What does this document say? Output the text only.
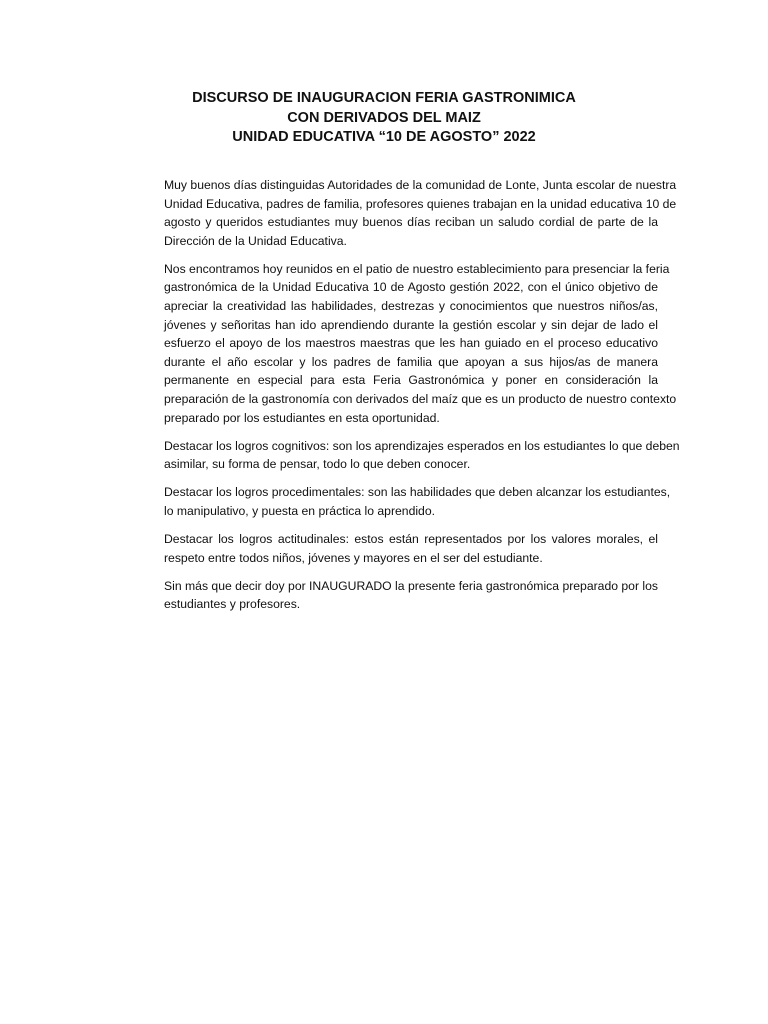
DISCURSO DE INAUGURACION FERIA GASTRONIMICA
CON DERIVADOS DEL MAIZ
UNIDAD EDUCATIVA “10 DE AGOSTO” 2022
Muy buenos días distinguidas Autoridades de la comunidad de Lonte, Junta escolar de nuestra
Unidad Educativa, padres de familia, profesores quienes trabajan en la unidad educativa 10 de
agosto y queridos estudiantes muy buenos días reciban un saludo cordial de parte de la
Dirección de la Unidad Educativa.
Nos encontramos hoy reunidos en el patio de nuestro establecimiento para presenciar la feria
gastronómica de la Unidad Educativa 10 de Agosto gestión 2022, con el único objetivo de
apreciar la creatividad las habilidades, destrezas y conocimientos que nuestros niños/as,
jóvenes y señoritas han ido aprendiendo durante la gestión escolar y sin dejar de lado el
esfuerzo el apoyo de los maestros maestras que les han guiado en el proceso educativo
durante el año escolar y los padres de familia que apoyan a sus hijos/as de manera
permanente en especial para esta Feria Gastronómica y poner en consideración la
preparación de la gastronomía con derivados del maíz que es un producto de nuestro contexto
preparado por los estudiantes en esta oportunidad.
Destacar los logros cognitivos: son los aprendizajes esperados en los estudiantes lo que deben
asimilar, su forma de pensar, todo lo que deben conocer.
Destacar los logros procedimentales: son las habilidades que deben alcanzar los estudiantes,
lo manipulativo, y puesta en práctica lo aprendido.
Destacar los logros actitudinales: estos están representados por los valores morales, el
respeto entre todos niños, jóvenes y mayores en el ser del estudiante.
Sin más que decir doy por INAUGURADO la presente feria gastronómica preparado por los
estudiantes y profesores.
